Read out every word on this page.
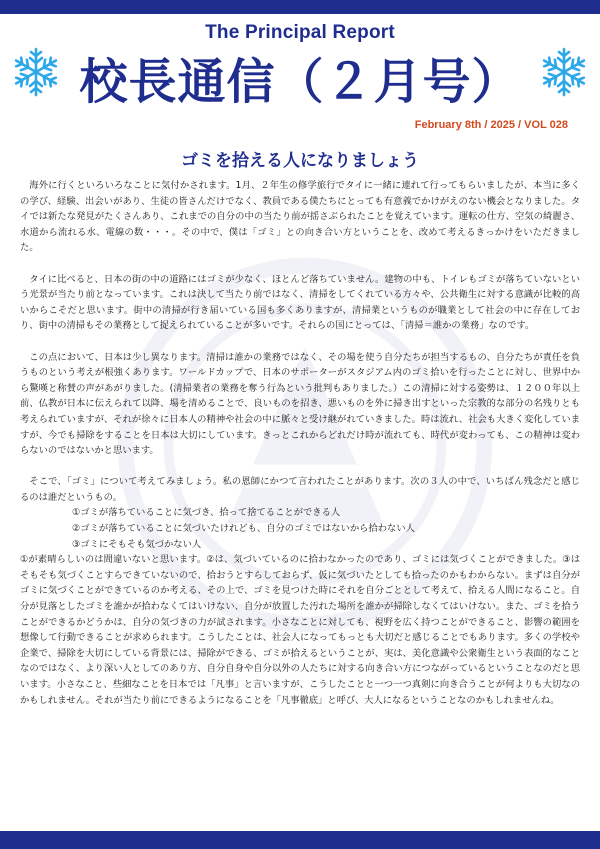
The Principal Report
校長通信（２月号）
February 8th / 2025 / VOL 028
ゴミを拾える人になりましょう

海外に行くといろいろなことに気付かされます。1月、２年生の修学旅行でタイに一緒に連れて行ってもらいましたが、本当に多くの学び、経験、出会いがあり、生徒の皆さんだけでなく、教員である僕たちにとっても有意義でかけがえのない機会となりました。タイでは新たな発見がたくさんあり、これまでの自分の中の当たり前が揺さぶられたことを覚えています。運転の仕方、空気の綺麗さ、水道から流れる水、電線の数・・・。その中で、僕は「ゴミ」との向き合い方ということを、改めて考えるきっかけをいただきました。

タイに比べると、日本の街の中の道路にはゴミが少なく、ほとんど落ちていません。建物の中も、トイレもゴミが落ちていないという光景が当たり前となっています。これは決して当たり前ではなく、清掃をしてくれている方々や、公共衛生に対する意識が比較的高いからこそだと思います。街中の清掃が行き届いている国も多くありますが、清掃業というものが職業として社会の中に存在しており、街中の清掃もその業務として捉えられていることが多いです。それらの国にとっては、「清掃＝誰かの業務」なのです。

この点において、日本は少し異なります。清掃は誰かの業務ではなく、その場を使う自分たちが担当するもの、自分たちが責任を負うものという考えが根強くあります。ワールドカップで、日本のサポーターがスタジアム内のゴミ拾いを行ったことに対し、世界中から驚嘆と称賛の声があがりました。(清掃業者の業務を奪う行為という批判もありました。）この清掃に対する姿勢は、１２００年以上前、仏教が日本に伝えられて以降、場を清めることで、良いものを招き、悪いものを外に掃き出すといった宗教的な部分の名残りとも考えられていますが、それが徐々に日本人の精神や社会の中に脈々と受け継がれていきました。時は流れ、社会も大きく変化していますが、今でも掃除をすることを日本は大切にしています。きっとこれからどれだけ時が流れても、時代が変わっても、この精神は変わらないのではないかと思います。

そこで、「ゴミ」について考えてみましょう。私の恩師にかつて言われたことがあります。次の３人の中で、いちばん残念だと感じるのは誰だというもの。

①ゴミが落ちていることに気づき、拾って捨てることができる人
②ゴミが落ちていることに気づいたけれども、自分のゴミではないから拾わない人
③ゴミにそもそも気づかない人

①が素晴らしいのは間違いないと思います。②は、気づいているのに拾わなかったのであり、ゴミには気づくことができました。③はそもそも気づくことすらできていないので、拾おうとすらしておらず、仮に気づいたとしても拾ったのかもわからない。まずは自分がゴミに気づくことができているのか考える、その上で、ゴミを見つけた時にそれを自分ごととして考えて、拾える人間になること。自分が見落としたゴミを誰かが拾わなくてはいけない、自分が放置した汚れた場所を誰かが掃除しなくてはいけない。また、ゴミを拾うことができるかどうかは、自分の気づきの力が試されます。小さなことに対しても、視野を広く持つことができること、影響の範囲を想像して行動できることが求められます。こうしたことは、社会人になってもっとも大切だと感じることでもあります。多くの学校や企業で、掃除を大切にしている背景には、掃除ができる、ゴミが拾えるということが、実は、美化意識や公衆衛生という表面的なことなのではなく、より深い人としてのあり方、自分自身や自分以外の人たちに対する向き合い方につながっているということなのだと思います。小さなこと、些細なことを日本では「凡事」と言いますが、こうしたことと一つ一つ真剣に向き合うことが何よりも大切なのかもしれません。それが当たり前にできるようになることを「凡事徹底」と呼び、大人になるということなのかもしれませんね。
